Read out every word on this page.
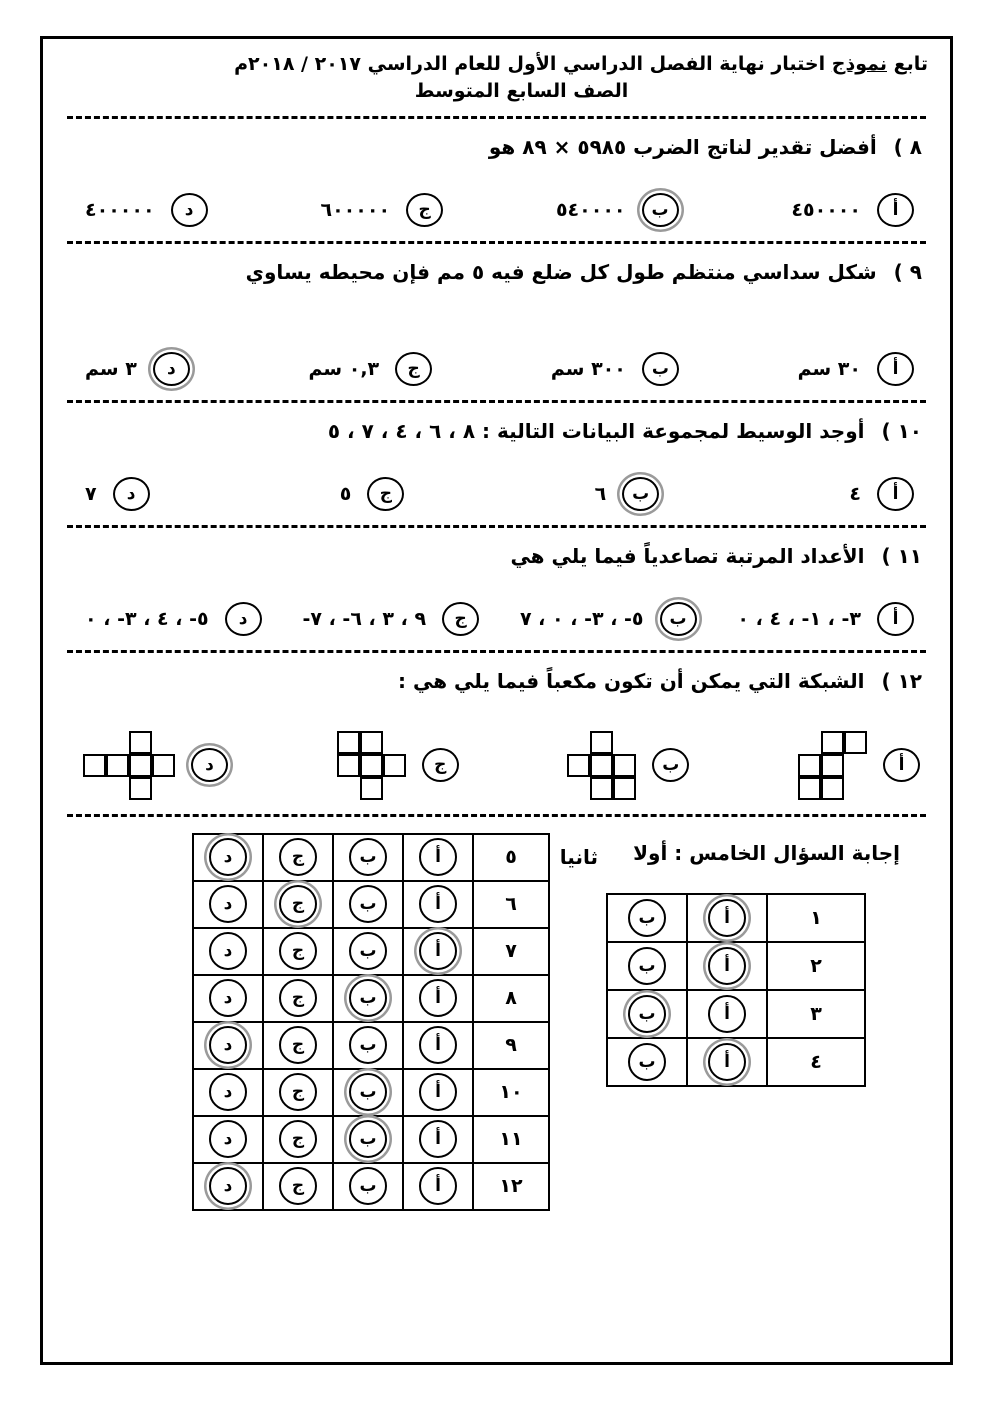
تابع نموذج اختبار نهاية الفصل الدراسي الأول للعام الدراسي ٢٠١٧ / ٢٠١٨م
الصف السابع المتوسط
٨ ) أفضل تقدير لناتج الضرب ٥٩٨٥ × ٨٩ هو
أ
٤٥٠٠٠٠
ب
٥٤٠٠٠٠
ج
٦٠٠٠٠٠
د
٤٠٠٠٠٠
٩ ) شكل سداسي منتظم طول كل ضلع فيه ٥ مم فإن محيطه يساوي
أ
٣٠ سم
ب
٣٠٠ سم
ج
٠,٣ سم
د
٣ سم
١٠ ) أوجد الوسيط لمجموعة البيانات التالية : ٨ ، ٦ ، ٤ ، ٧ ، ٥
أ
٤
ب
٦
ج
٥
د
٧
١١ ) الأعداد المرتبة تصاعدياً فيما يلي هي
أ
٣- ، ١- ، ٤ ، ٠
ب
٥- ، ٣- ، ٠ ، ٧
ج
٩ ، ٣ ، ٦- ، ٧-
د
٥- ، ٤ ، ٣- ، ٠
١٢ ) الشبكة التي يمكن أن تكون مكعباً فيما يلي هي :
أ
ب
ج
د
إجابة السؤال الخامس : أولا
ثانيا
١	أ	ب
٢	أ	ب
٣	أ	ب
٤	أ	ب
٥	أ	ب	ج	د
٦	أ	ب	ج	د
٧	أ	ب	ج	د
٨	أ	ب	ج	د
٩	أ	ب	ج	د
١٠	أ	ب	ج	د
١١	أ	ب	ج	د
١٢	أ	ب	ج	د
